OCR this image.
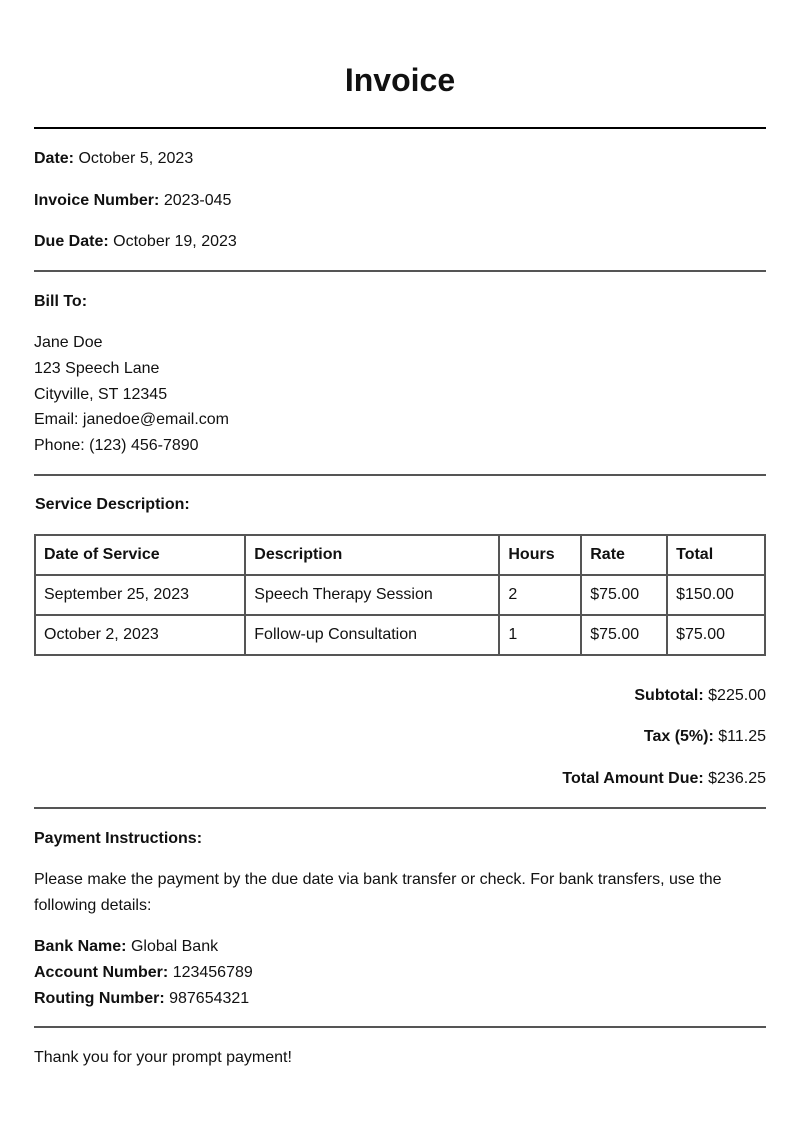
Invoice
Date: October 5, 2023
Invoice Number: 2023-045
Due Date: October 19, 2023
Bill To:
Jane Doe
123 Speech Lane
Cityville, ST 12345
Email: janedoe@email.com
Phone: (123) 456-7890
Service Description:
Date of Service	Description	Hours	Rate	Total
September 25, 2023	Speech Therapy Session	2	$75.00	$150.00
October 2, 2023	Follow-up Consultation	1	$75.00	$75.00
Subtotal: $225.00
Tax (5%): $11.25
Total Amount Due: $236.25
Payment Instructions:
Please make the payment by the due date via bank transfer or check. For bank transfers, use the following details:
Bank Name: Global Bank
Account Number: 123456789
Routing Number: 987654321
Thank you for your prompt payment!
